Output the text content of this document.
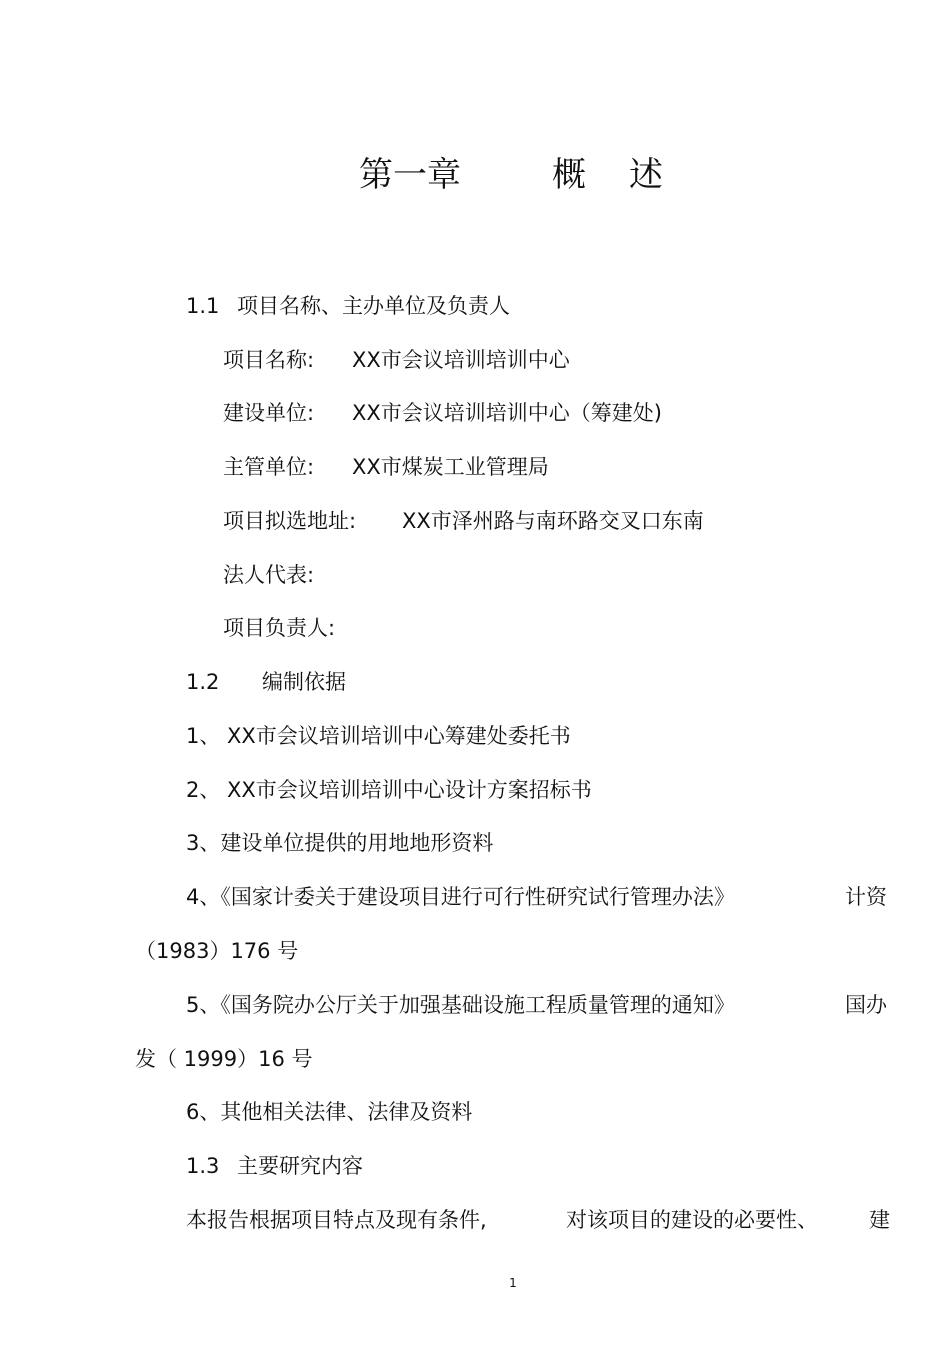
第一章	概 述
1.1 项目名称、主办单位及负责人
项目名称: XX市会议培训培训中心
建设单位: XX市会议培训培训中心（筹建处)
主管单位: XX市煤炭工业管理局
项目拟选地址: XX市泽州路与南环路交叉口东南
法人代表:
项目负责人:
1.2 编制依据
1、 XX市会议培训培训中心筹建处委托书
2、 XX市会议培训培训中心设计方案招标书
3、建设单位提供的用地地形资料
4、《国家计委关于建设项目进行可行性研究试行管理办法》	计资
（1983）176 号
5、《国务院办公厅关于加强基础设施工程质量管理的通知》	国办
发（ 1999）16 号
6、其他相关法律、法律及资料
1.3 主要研究内容
本报告根据项目特点及现有条件,	对该项目的建设的必要性、 建
1
